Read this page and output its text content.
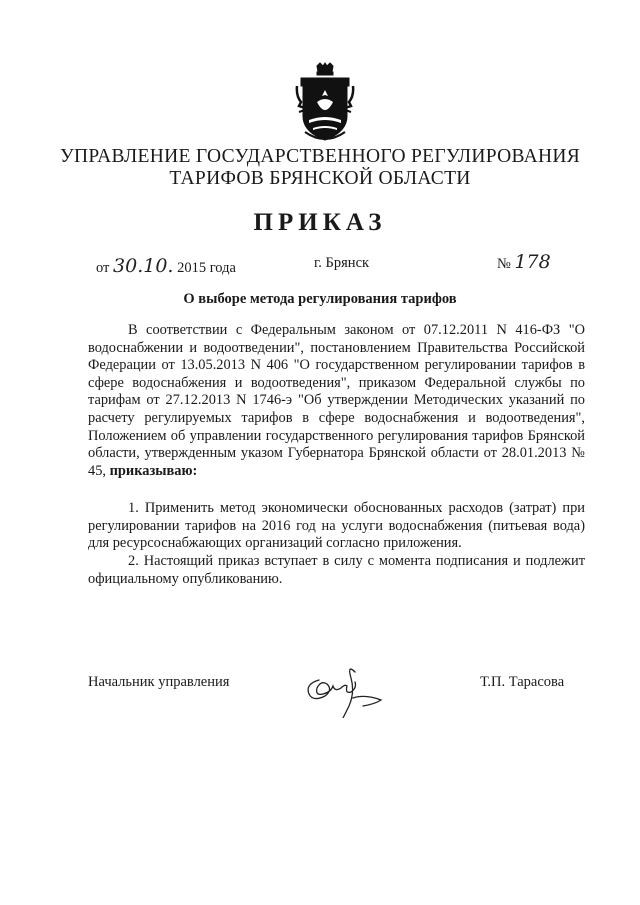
УПРАВЛЕНИЕ ГОСУДАРСТВЕННОГО РЕГУЛИРОВАНИЯ
ТАРИФОВ БРЯНСКОЙ ОБЛАСТИ
ПРИКАЗ
от 30.10. 2015 года	г. Брянск	№ 178
О выборе метода регулирования тарифов
В соответствии с Федеральным законом от 07.12.2011 N 416-ФЗ "О водоснабжении и водоотведении", постановлением Правительства Российской Федерации от 13.05.2013 N 406 "О государственном регулировании тарифов в сфере водоснабжения и водоотведения", приказом Федеральной службы по тарифам от 27.12.2013 N 1746-э "Об утверждении Методических указаний по расчету регулируемых тарифов в сфере водоснабжения и водоотведения", Положением об управлении государственного регулирования тарифов Брянской области, утвержденным указом Губернатора Брянской области от 28.01.2013 № 45, приказываю:
1. Применить метод экономически обоснованных расходов (затрат) при регулировании тарифов на 2016 год на услуги водоснабжения (питьевая вода) для ресурсоснабжающих организаций согласно приложения.
2. Настоящий приказ вступает в силу с момента подписания и подлежит официальному опубликованию.
Начальник управления	Т.П. Тарасова
